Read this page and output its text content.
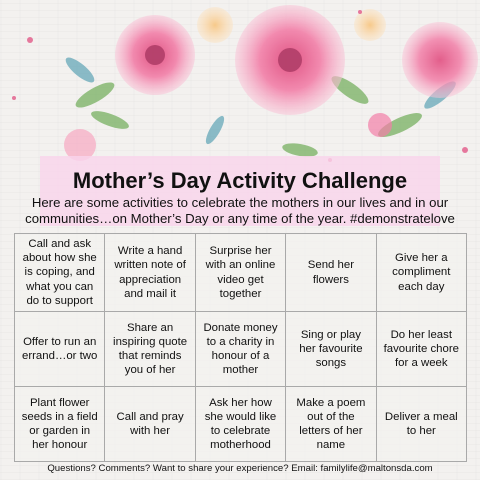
Mother’s Day Activity Challenge

Here are some activities to celebrate the mothers in our lives and in our communities…on Mother’s Day or any time of the year. #demonstratelove

Call and ask about how she is coping, and what you can do to support
Write a hand written note of appreciation and mail it
Surprise her with an online video get together
Send her flowers
Give her a compliment each day
Offer to run an errand…or two
Share an inspiring quote that reminds you of her
Donate money to a charity in honour of a mother
Sing or play her favourite songs
Do her least favourite chore for a week
Plant flower seeds in a field or garden in her honour
Call and pray with her
Ask her how she would like to celebrate motherhood
Make a poem out of the letters of her name
Deliver a meal to her

Questions? Comments? Want to share your experience? Email: familylife@maltonsda.com
